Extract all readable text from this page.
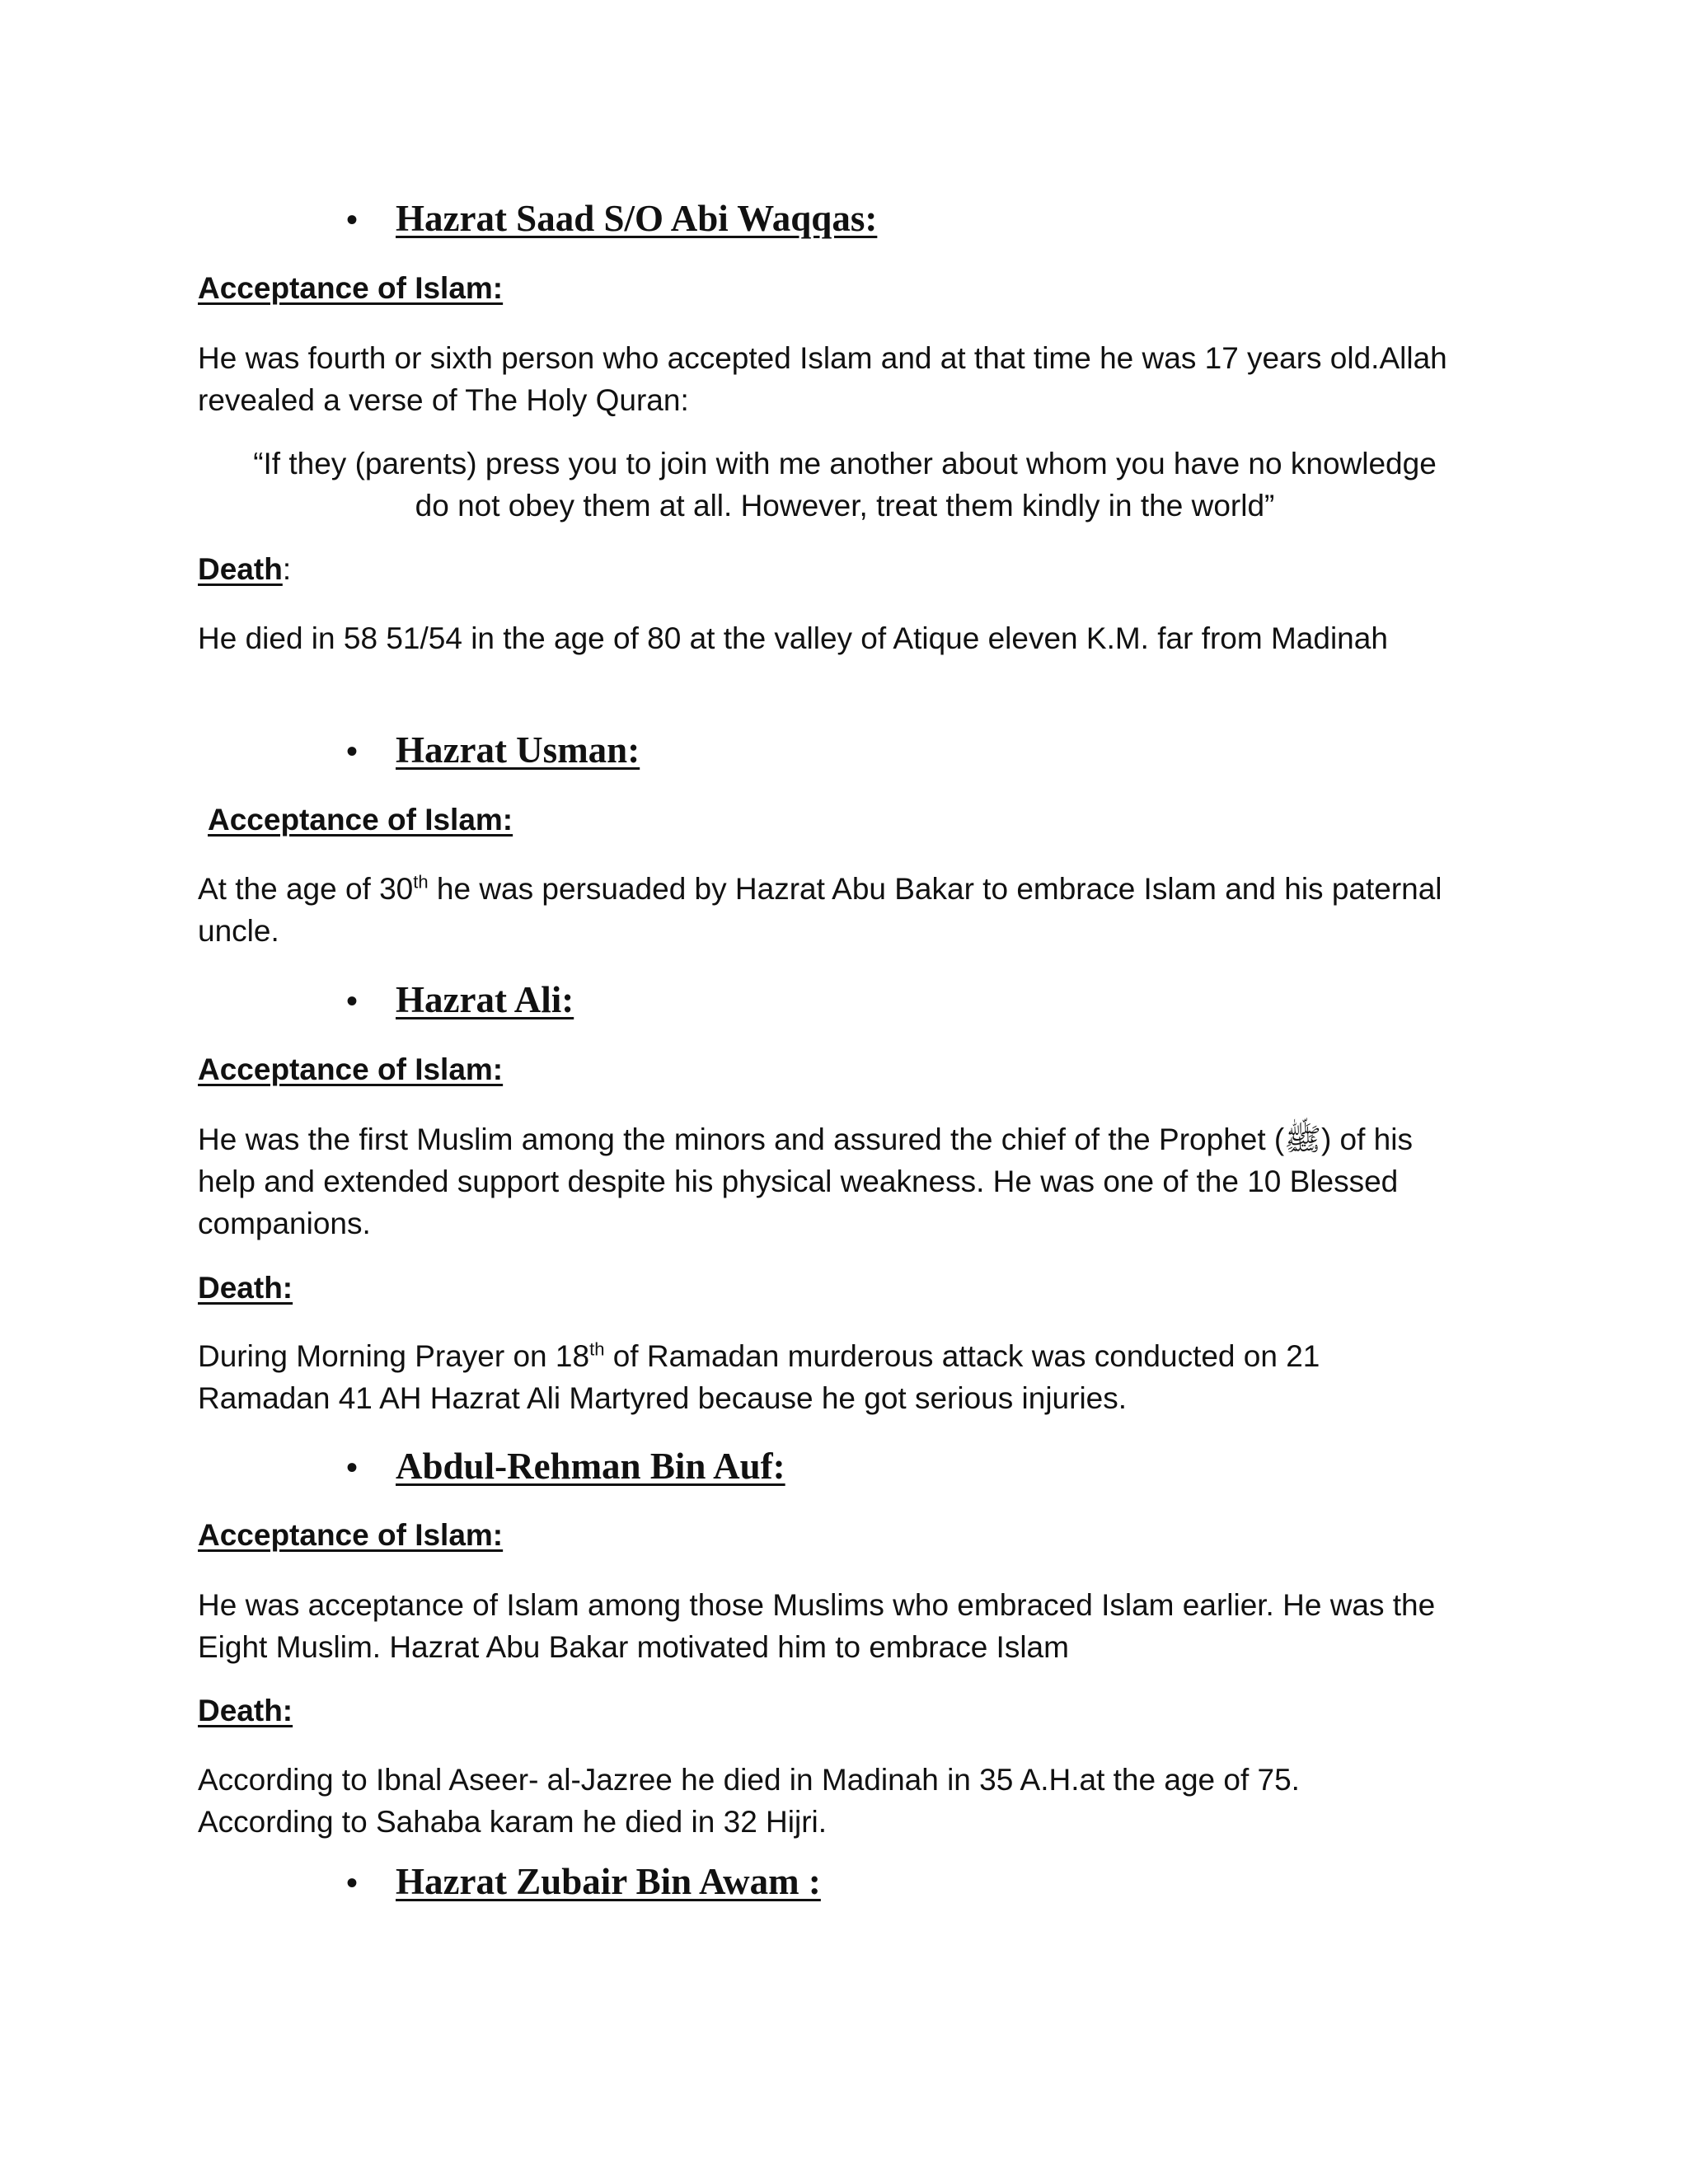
• Hazrat Saad S/O Abi Waqqas:
Acceptance of Islam:

He was fourth or sixth person who accepted Islam and at that time he was 17 years old.Allah revealed a verse of The Holy Quran:

“If they (parents) press you to join with me another about whom you have no knowledge

do not obey them at all. However, treat them kindly in the world”

Death:

He died in 58 51/54 in the age of 80 at the valley of Atique eleven K.M. far from Madinah

• Hazrat Usman:
Acceptance of Islam:

At the age of 30th he was persuaded by Hazrat Abu Bakar to embrace Islam and his paternal uncle.

• Hazrat Ali:
Acceptance of Islam:

He was the first Muslim among the minors and assured the chief of the Prophet (ﷺ) of his help and extended support despite his physical weakness. He was one of the 10 Blessed companions.

Death:

During Morning Prayer on 18th of Ramadan murderous attack was conducted on 21 Ramadan 41 AH Hazrat Ali Martyred because he got serious injuries.

• Abdul-Rehman Bin Auf:
Acceptance of Islam:

He was acceptance of Islam among those Muslims who embraced Islam earlier. He was the Eight Muslim. Hazrat Abu Bakar motivated him to embrace Islam

Death:

According to Ibnal Aseer- al-Jazree he died in Madinah in 35 A.H.at the age of 75.

According to Sahaba karam he died in 32 Hijri.

• Hazrat Zubair Bin Awam :
